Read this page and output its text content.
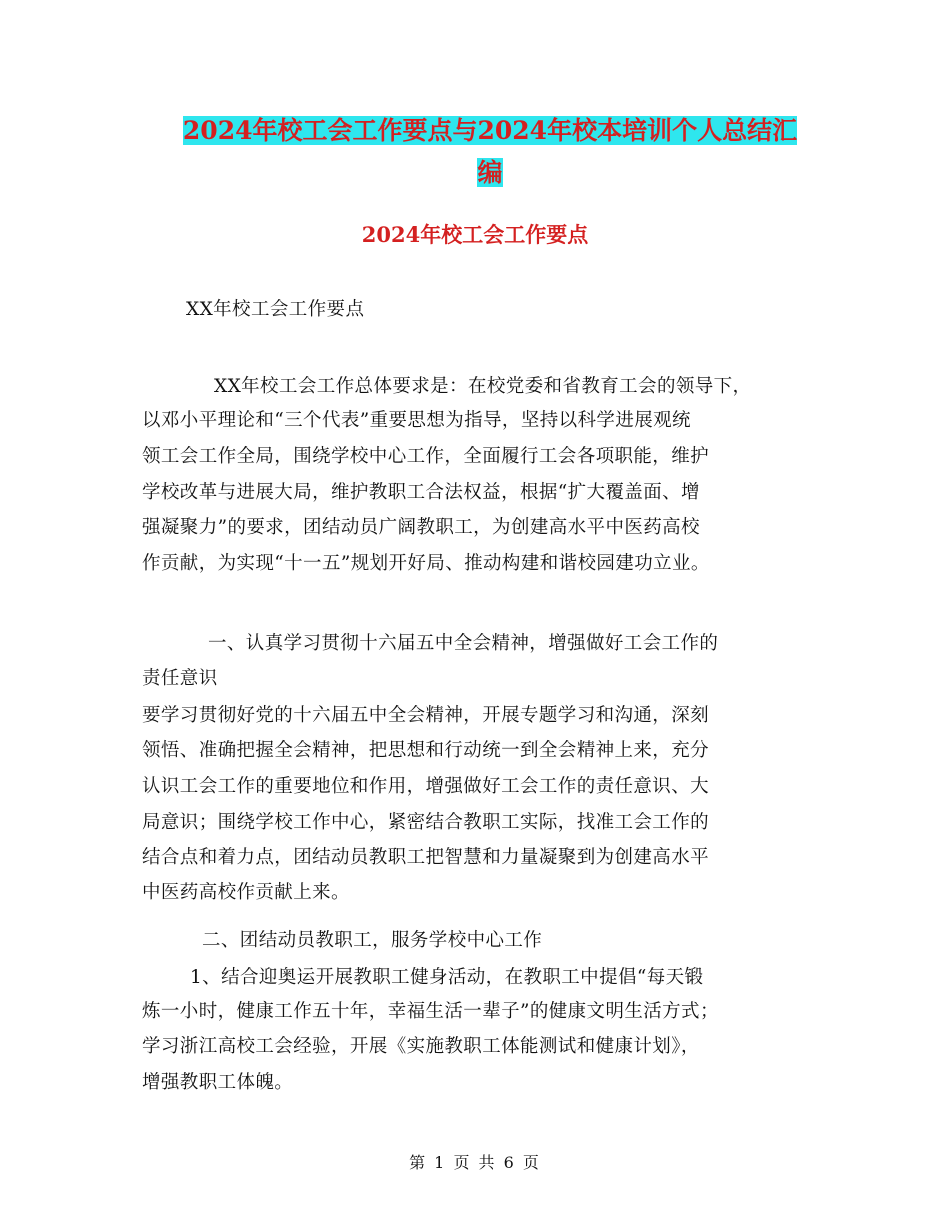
2024年校工会工作要点与2024年校本培训个人总结汇
编
2024年校工会工作要点
XX年校工会工作要点
XX年校工会工作总体要求是：在校党委和省教育工会的领导下，
以邓小平理论和“三个代表”重要思想为指导，坚持以科学进展观统
领工会工作全局，围绕学校中心工作，全面履行工会各项职能，维护
学校改革与进展大局，维护教职工合法权益，根据“扩大覆盖面、增
强凝聚力”的要求，团结动员广阔教职工，为创建高水平中医药高校
作贡献，为实现“十一五”规划开好局、推动构建和谐校园建功立业。
一、认真学习贯彻十六届五中全会精神，增强做好工会工作的
责任意识
要学习贯彻好党的十六届五中全会精神，开展专题学习和沟通，深刻
领悟、准确把握全会精神，把思想和行动统一到全会精神上来，充分
认识工会工作的重要地位和作用，增强做好工会工作的责任意识、大
局意识；围绕学校工作中心，紧密结合教职工实际，找准工会工作的
结合点和着力点，团结动员教职工把智慧和力量凝聚到为创建高水平
中医药高校作贡献上来。
二、团结动员教职工，服务学校中心工作
1、结合迎奥运开展教职工健身活动，在教职工中提倡“每天锻
炼一小时，健康工作五十年，幸福生活一辈子”的健康文明生活方式；
学习浙江高校工会经验，开展《实施教职工体能测试和健康计划》，
增强教职工体魄。
第 1 页 共 6 页
